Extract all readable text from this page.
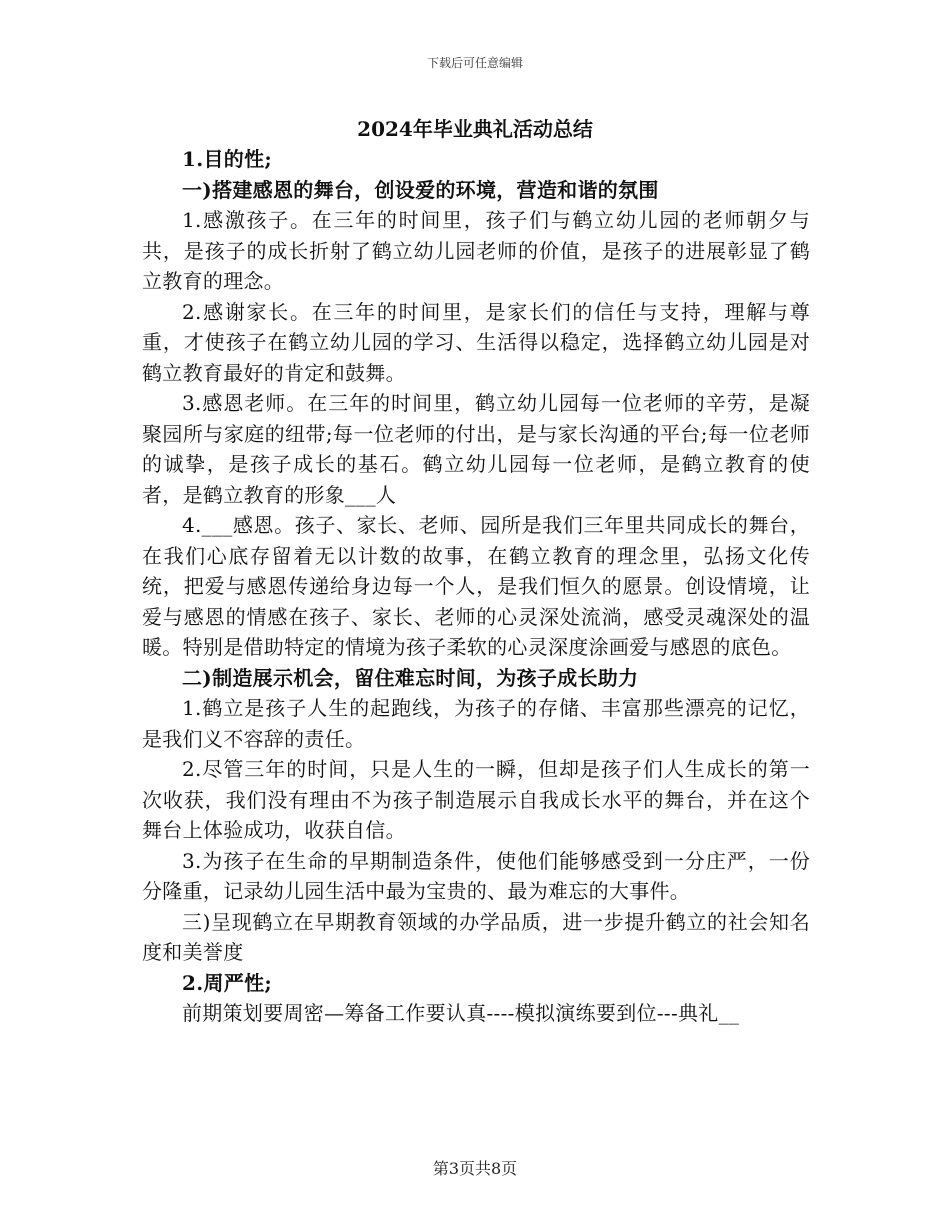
下载后可任意编辑
2024年毕业典礼活动总结

1.目的性;

一)搭建感恩的舞台，创设爱的环境，营造和谐的氛围

1.感激孩子。在三年的时间里，孩子们与鹤立幼儿园的老师朝夕与共，是孩子的成长折射了鹤立幼儿园老师的价值，是孩子的进展彰显了鹤立教育的理念。

2.感谢家长。在三年的时间里，是家长们的信任与支持，理解与尊重，才使孩子在鹤立幼儿园的学习、生活得以稳定，选择鹤立幼儿园是对鹤立教育最好的肯定和鼓舞。

3.感恩老师。在三年的时间里，鹤立幼儿园每一位老师的辛劳，是凝聚园所与家庭的纽带;每一位老师的付出，是与家长沟通的平台;每一位老师的诚挚，是孩子成长的基石。鹤立幼儿园每一位老师，是鹤立教育的使者，是鹤立教育的形象___人

4.___感恩。孩子、家长、老师、园所是我们三年里共同成长的舞台，在我们心底存留着无以计数的故事，在鹤立教育的理念里，弘扬文化传统，把爱与感恩传递给身边每一个人，是我们恒久的愿景。创设情境，让爱与感恩的情感在孩子、家长、老师的心灵深处流淌，感受灵魂深处的温暖。特别是借助特定的情境为孩子柔软的心灵深度涂画爱与感恩的底色。

二)制造展示机会，留住难忘时间，为孩子成长助力

1.鹤立是孩子人生的起跑线，为孩子的存储、丰富那些漂亮的记忆，是我们义不容辞的责任。

2.尽管三年的时间，只是人生的一瞬，但却是孩子们人生成长的第一次收获，我们没有理由不为孩子制造展示自我成长水平的舞台，并在这个舞台上体验成功，收获自信。

3.为孩子在生命的早期制造条件，使他们能够感受到一分庄严，一份分隆重，记录幼儿园生活中最为宝贵的、最为难忘的大事件。

三)呈现鹤立在早期教育领域的办学品质，进一步提升鹤立的社会知名度和美誉度

2.周严性;

前期策划要周密—筹备工作要认真----模拟演练要到位---典礼__

第3页共8页
